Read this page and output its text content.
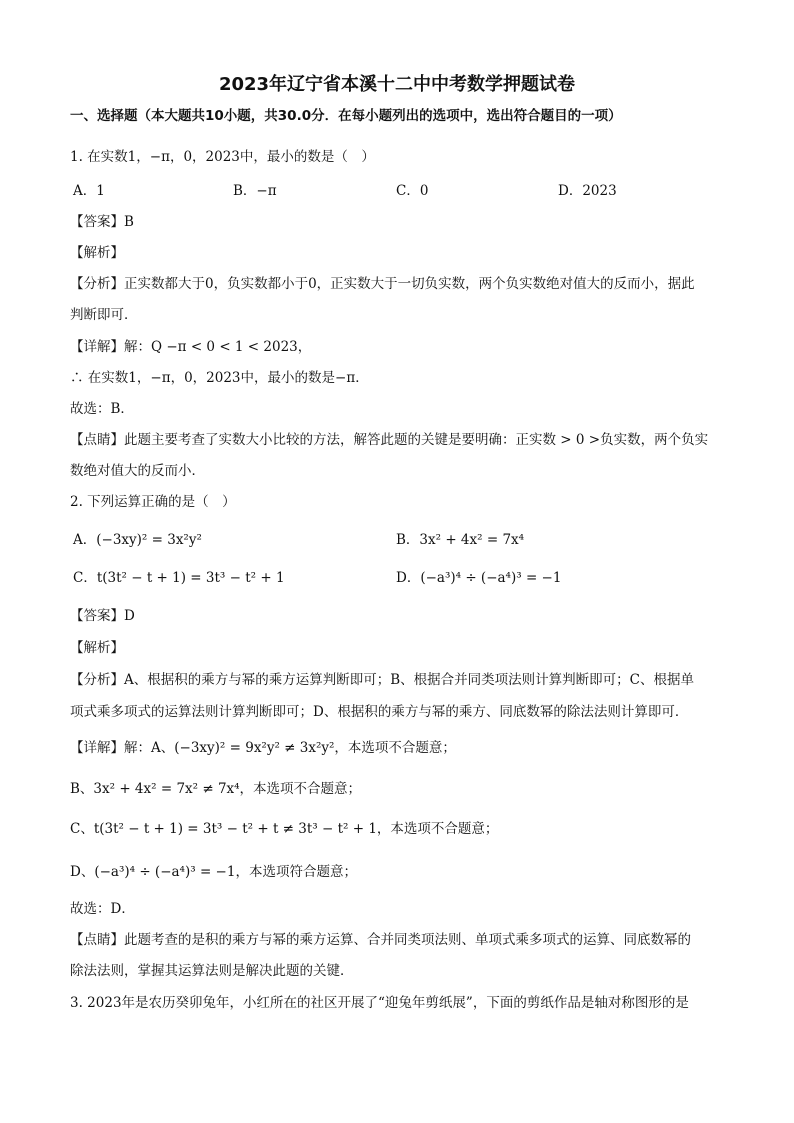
2023年辽宁省本溪十二中中考数学押题试卷
一、选择题（本大题共10小题，共30.0分．在每小题列出的选项中，选出符合题目的一项）
1. 在实数1，−π，0，2023中，最小的数是（　）
A．1	B．−π	C．0	D．2023
【答案】B
【解析】
【分析】正实数都大于0，负实数都小于0，正实数大于一切负实数，两个负实数绝对值大的反而小，据此
判断即可．
【详解】解：Q −π < 0 < 1 < 2023，
∴ 在实数1，−π，0，2023中，最小的数是−π．
故选：B．
【点睛】此题主要考查了实数大小比较的方法，解答此题的关键是要明确：正实数 > 0 >负实数，两个负实
数绝对值大的反而小．
2. 下列运算正确的是（　）
A．(−3xy)² = 3x²y²	B．3x² + 4x² = 7x⁴
C．t(3t² − t + 1) = 3t³ − t² + 1	D．(−a³)⁴ ÷ (−a⁴)³ = −1
【答案】D
【解析】
【分析】A、根据积的乘方与幂的乘方运算判断即可；B、根据合并同类项法则计算判断即可；C、根据单
项式乘多项式的运算法则计算判断即可；D、根据积的乘方与幂的乘方、同底数幂的除法法则计算即可．
【详解】解：A、(−3xy)² = 9x²y² ≠ 3x²y²，本选项不合题意；
B、3x² + 4x² = 7x² ≠ 7x⁴，本选项不合题意；
C、t(3t² − t + 1) = 3t³ − t² + t ≠ 3t³ − t² + 1，本选项不合题意；
D、(−a³)⁴ ÷ (−a⁴)³ = −1，本选项符合题意；
故选：D．
【点睛】此题考查的是积的乘方与幂的乘方运算、合并同类项法则、单项式乘多项式的运算、同底数幂的
除法法则，掌握其运算法则是解决此题的关键．
3. 2023年是农历癸卯兔年，小红所在的社区开展了“迎兔年剪纸展”，下面的剪纸作品是轴对称图形的是
